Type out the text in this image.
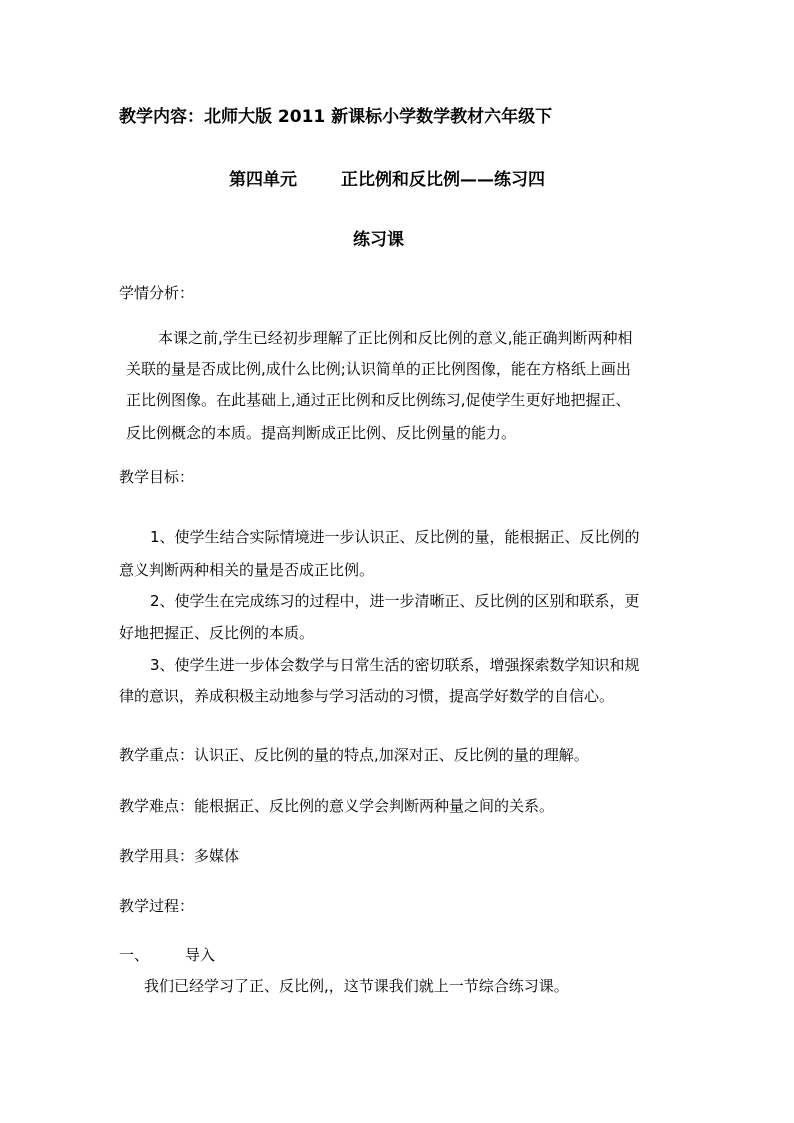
教学内容：北师大版 2011 新课标小学数学教材六年级下
第四单元	正比例和反比例——练习四
练习课
学情分析：
本课之前,学生已经初步理解了正比例和反比例的意义,能正确判断两种相
关联的量是否成比例,成什么比例;认识简单的正比例图像，能在方格纸上画出
正比例图像。在此基础上,通过正比例和反比例练习,促使学生更好地把握正、
反比例概念的本质。提高判断成正比例、反比例量的能力。
教学目标：
1、使学生结合实际情境进一步认识正、反比例的量，能根据正、反比例的
意义判断两种相关的量是否成正比例。
2、使学生在完成练习的过程中，进一步清晰正、反比例的区别和联系，更
好地把握正、反比例的本质。
3、使学生进一步体会数学与日常生活的密切联系，增强探索数学知识和规
律的意识，养成积极主动地参与学习活动的习惯，提高学好数学的自信心。
教学重点：认识正、反比例的量的特点,加深对正、反比例的量的理解。
教学难点：能根据正、反比例的意义学会判断两种量之间的关系。
教学用具：多媒体
教学过程：
一、 导入
我们已经学习了正、反比例,，这节课我们就上一节综合练习课。
